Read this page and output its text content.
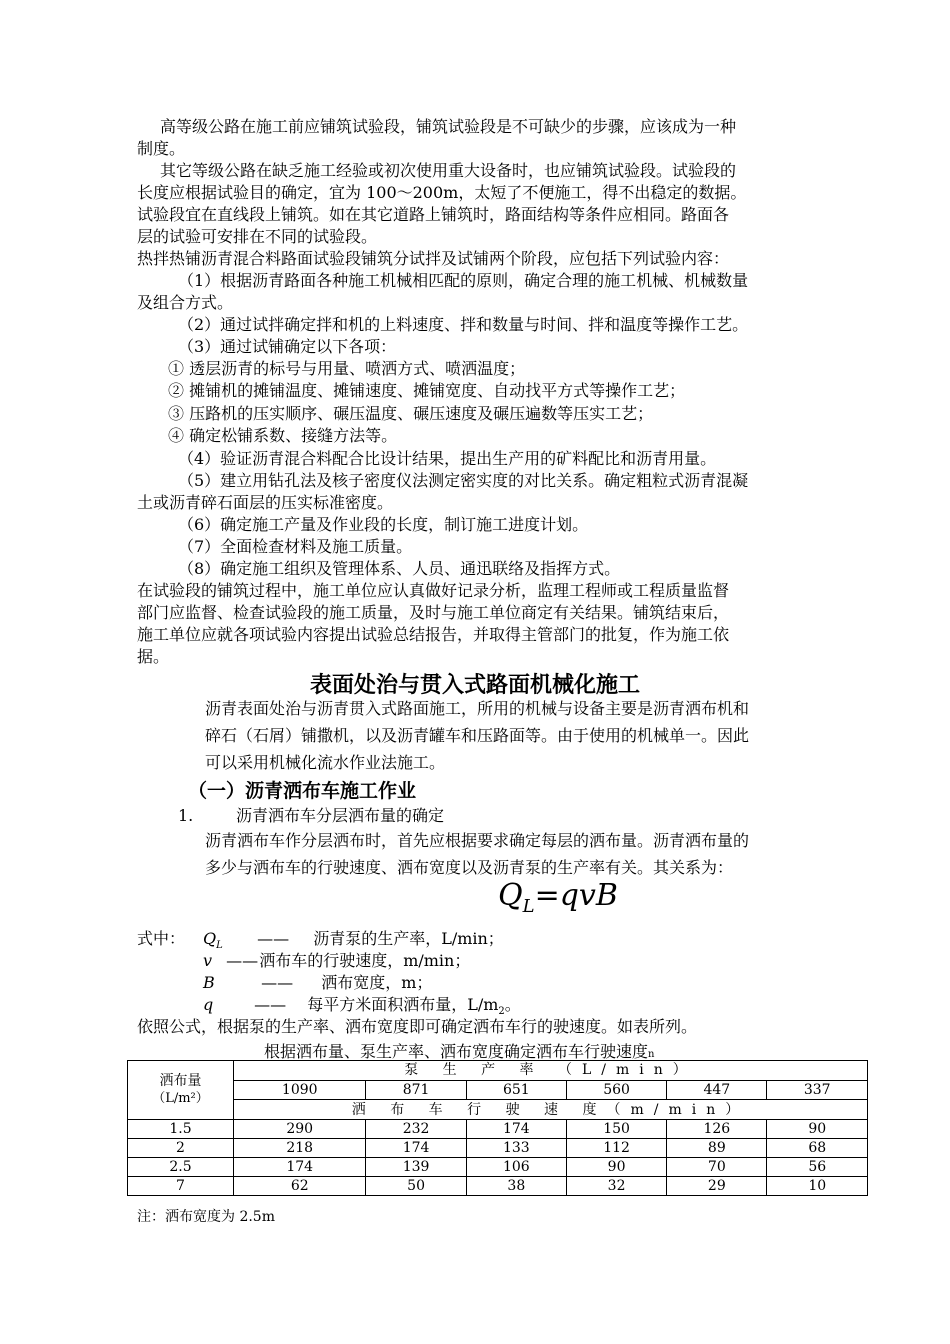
高等级公路在施工前应铺筑试验段，铺筑试验段是不可缺少的步骤，应该成为一种
制度。
其它等级公路在缺乏施工经验或初次使用重大设备时，也应铺筑试验段。试验段的
长度应根据试验目的确定，宜为 100～200m，太短了不便施工，得不出稳定的数据。
试验段宜在直线段上铺筑。如在其它道路上铺筑时，路面结构等条件应相同。路面各
层的试验可安排在不同的试验段。
热拌热铺沥青混合料路面试验段铺筑分试拌及试铺两个阶段，应包括下列试验内容：
（1）根据沥青路面各种施工机械相匹配的原则，确定合理的施工机械、机械数量
及组合方式。
（2）通过试拌确定拌和机的上料速度、拌和数量与时间、拌和温度等操作工艺。
（3）通过试铺确定以下各项：
① 透层沥青的标号与用量、喷洒方式、喷洒温度；
② 摊铺机的摊铺温度、摊铺速度、摊铺宽度、自动找平方式等操作工艺；
③ 压路机的压实顺序、碾压温度、碾压速度及碾压遍数等压实工艺；
④ 确定松铺系数、接缝方法等。
（4）验证沥青混合料配合比设计结果，提出生产用的矿料配比和沥青用量。
（5）建立用钻孔法及核子密度仪法测定密实度的对比关系。确定粗粒式沥青混凝
土或沥青碎石面层的压实标准密度。
（6）确定施工产量及作业段的长度，制订施工进度计划。
（7）全面检查材料及施工质量。
（8）确定施工组织及管理体系、人员、通迅联络及指挥方式。
在试验段的铺筑过程中，施工单位应认真做好记录分析，监理工程师或工程质量监督
部门应监督、检查试验段的施工质量，及时与施工单位商定有关结果。铺筑结束后，
施工单位应就各项试验内容提出试验总结报告，并取得主管部门的批复，作为施工依
据。
表面处治与贯入式路面机械化施工
沥青表面处治与沥青贯入式路面施工，所用的机械与设备主要是沥青洒布机和
碎石（石屑）铺撒机，以及沥青罐车和压路面等。由于使用的机械单一。因此
可以采用机械化流水作业法施工。
（一）沥青洒布车施工作业
1.	沥青洒布车分层洒布量的确定
沥青洒布车作分层洒布时，首先应根据要求确定每层的洒布量。沥青洒布量的
多少与洒布车的行驶速度、洒布宽度以及沥青泵的生产率有关。其关系为：
$Q_L=qvB$
式中： $Q_L$ —— 沥青泵的生产率，L/min；
v —— 洒布车的行驶速度，m/min；
B	—— 洒布宽度，m；
q	—— 每平方米面积洒布量，$L/m_2$。
依照公式，根据泵的生产率、洒布宽度即可确定洒布车行的驶速度。如表所列。
根据洒布量、泵生产率、洒布宽度确定洒布车行驶速度n
洒布量
（L/m²）	泵 生 产 率 （L/min）					
	1090	871	651	560	447	337
	洒 布 车 行 驶 速 度（m/min）					
1.5	290	232	174	150	126	90
2	218	174	133	112	89	68
2.5	174	139	106	90	70	56
7	62	50	38	32	29	10
注：洒布宽度为 2.5m
